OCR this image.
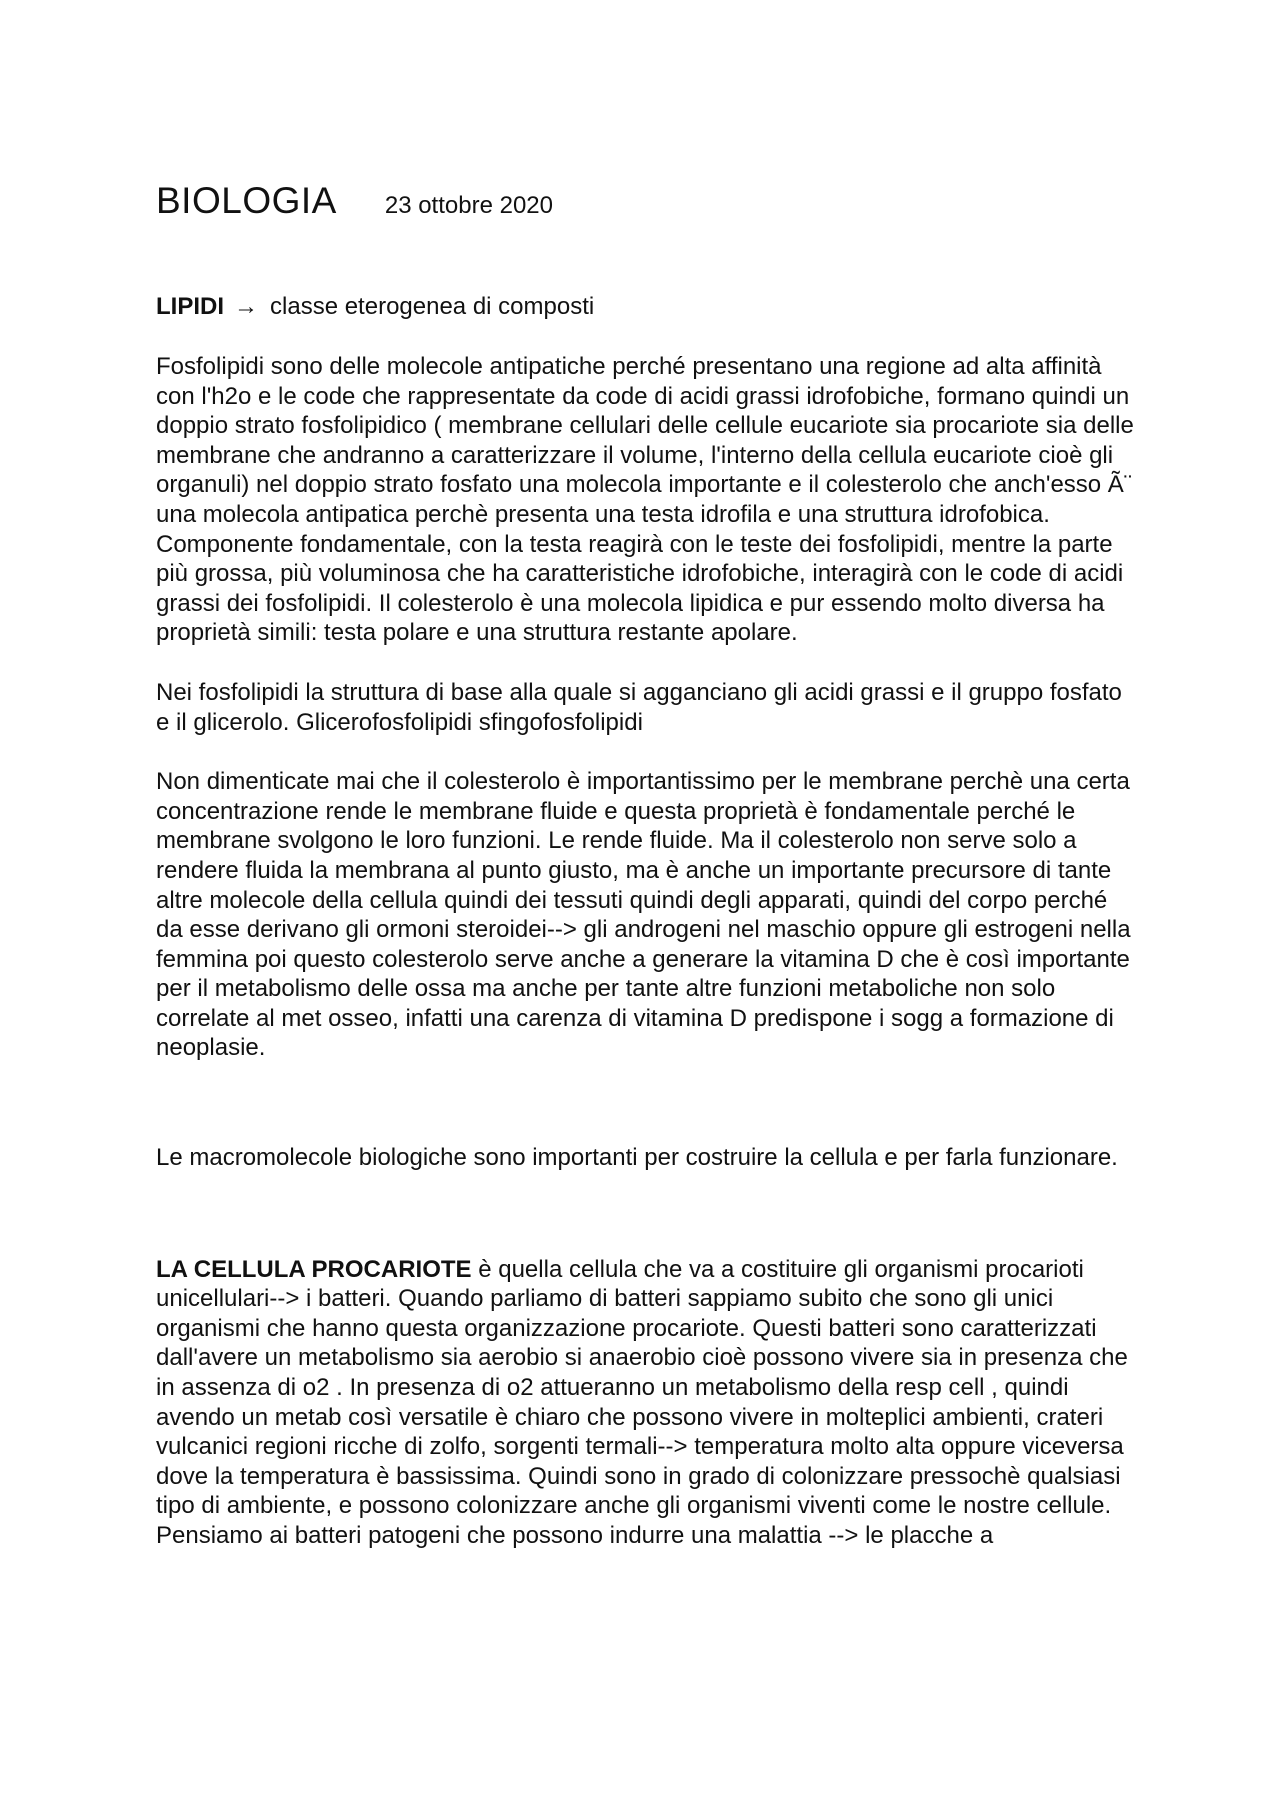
BIOLOGIA 23 ottobre 2020
LIPIDI → classe eterogenea di composti

Fosfolipidi sono delle molecole antipatiche perché presentano una regione ad alta affinità con l'h2o e le code che rappresentate da code di acidi grassi idrofobiche, formano quindi un doppio strato fosfolipidico ( membrane cellulari delle cellule eucariote sia procariote sia delle membrane che andranno a caratterizzare il volume, l'interno della cellula eucariote cioè gli organuli) nel doppio strato fosfato una molecola importante e il colesterolo che anch'esso Ã¨ una molecola antipatica perchè presenta una testa idrofila e una struttura idrofobica. Componente fondamentale, con la testa reagirà con le teste dei fosfolipidi, mentre la parte più grossa, più voluminosa che ha caratteristiche idrofobiche, interagirà con le code di acidi grassi dei fosfolipidi. Il colesterolo è una molecola lipidica e pur essendo molto diversa ha proprietà simili: testa polare e una struttura restante apolare.

Nei fosfolipidi la struttura di base alla quale si agganciano gli acidi grassi e il gruppo fosfato e il glicerolo. Glicerofosfolipidi sfingofosfolipidi

Non dimenticate mai che il colesterolo è importantissimo per le membrane perchè una certa concentrazione rende le membrane fluide e questa proprietà è fondamentale perché le membrane svolgono le loro funzioni. Le rende fluide. Ma il colesterolo non serve solo a rendere fluida la membrana al punto giusto, ma è anche un importante precursore di tante altre molecole della cellula quindi dei tessuti quindi degli apparati, quindi del corpo perché da esse derivano gli ormoni steroidei--> gli androgeni nel maschio oppure gli estrogeni nella femmina poi questo colesterolo serve anche a generare la vitamina D che è così importante per il metabolismo delle ossa ma anche per tante altre funzioni metaboliche non solo correlate al met osseo, infatti una carenza di vitamina D predispone i sogg a formazione di neoplasie.

Le macromolecole biologiche sono importanti per costruire la cellula e per farla funzionare.

LA CELLULA PROCARIOTE è quella cellula che va a costituire gli organismi procarioti unicellulari--> i batteri. Quando parliamo di batteri sappiamo subito che sono gli unici organismi che hanno questa organizzazione procariote. Questi batteri sono caratterizzati dall'avere un metabolismo sia aerobio si anaerobio cioè possono vivere sia in presenza che in assenza di o2 . In presenza di o2 attueranno un metabolismo della resp cell , quindi avendo un metab così versatile è chiaro che possono vivere in molteplici ambienti, crateri vulcanici regioni ricche di zolfo, sorgenti termali--> temperatura molto alta oppure viceversa dove la temperatura è bassissima. Quindi sono in grado di colonizzare pressochè qualsiasi tipo di ambiente, e possono colonizzare anche gli organismi viventi come le nostre cellule. Pensiamo ai batteri patogeni che possono indurre una malattia --> le placche a
